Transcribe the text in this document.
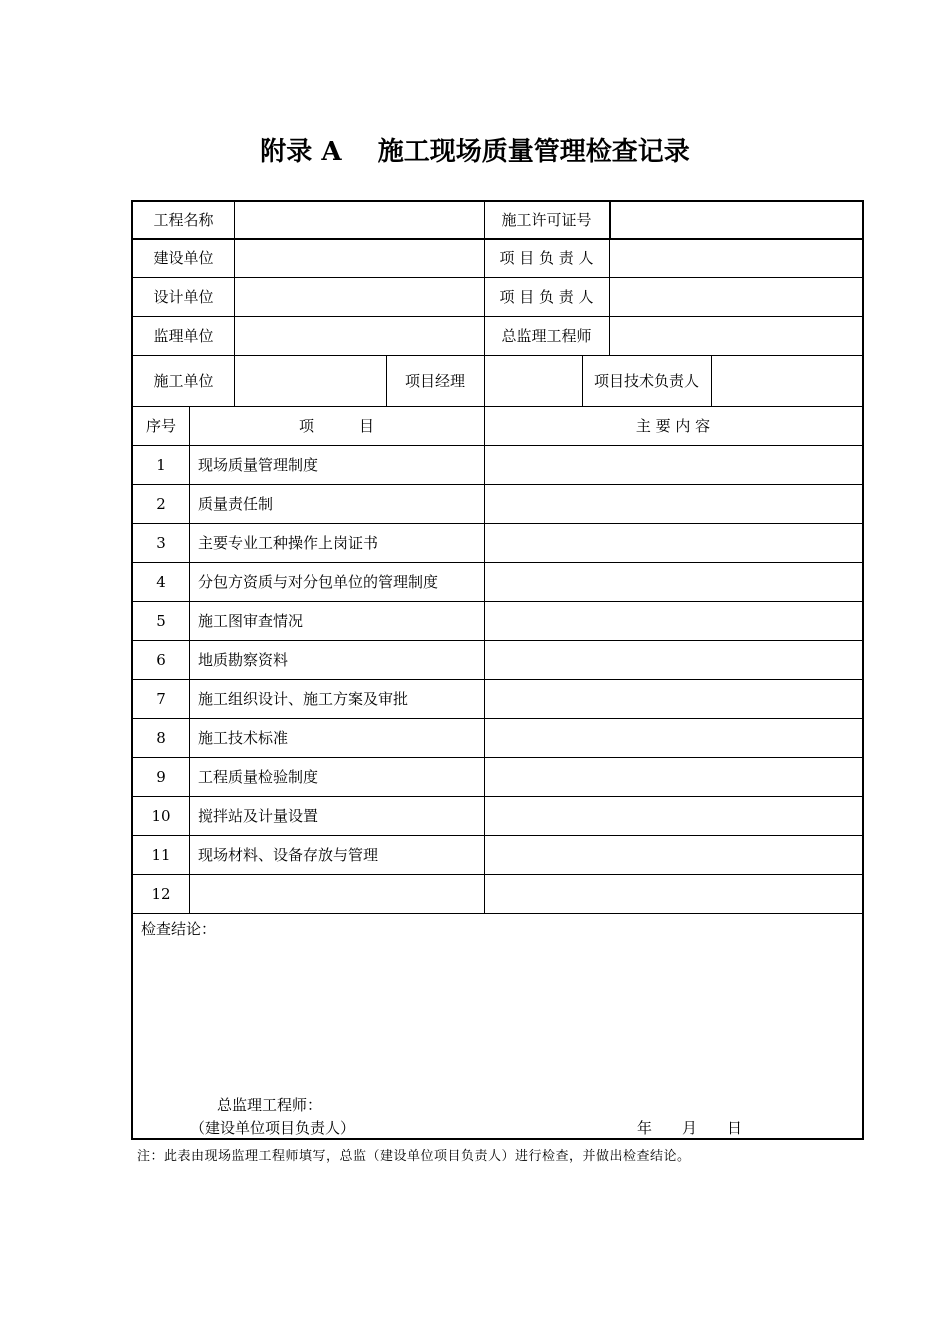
附录 A    施工现场质量管理检查记录
工程名称	施工许可证号
建设单位	项 目 负 责 人
设计单位	项 目 负 责 人
监理单位	总监理工程师
施工单位	项目经理	项目技术负责人
序号	项　　　目	主 要 内 容
1	现场质量管理制度
2	质量责任制
3	主要专业工种操作上岗证书
4	分包方资质与对分包单位的管理制度
5	施工图审查情况
6	地质勘察资料
7	施工组织设计、施工方案及审批
8	施工技术标准
9	工程质量检验制度
10	搅拌站及计量设置
11	现场材料、设备存放与管理
12
检查结论：
总监理工程师：
（建设单位项目负责人）	年　　月　　日
注：此表由现场监理工程师填写，总监（建设单位项目负责人）进行检查，并做出检查结论。
